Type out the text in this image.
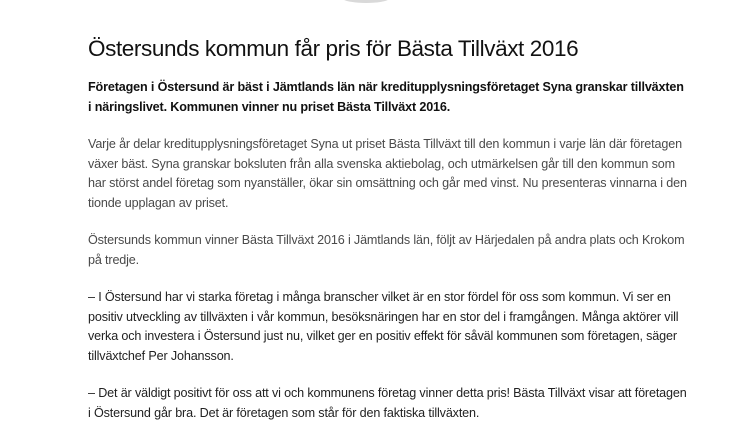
Östersunds kommun får pris för Bästa Tillväxt 2016

Företagen i Östersund är bäst i Jämtlands län när kreditupplysningsföretaget Syna granskar tillväxten i näringslivet. Kommunen vinner nu priset Bästa Tillväxt 2016.

Varje år delar kreditupplysningsföretaget Syna ut priset Bästa Tillväxt till den kommun i varje län där företagen växer bäst. Syna granskar boksluten från alla svenska aktiebolag, och utmärkelsen går till den kommun som har störst andel företag som nyanställer, ökar sin omsättning och går med vinst. Nu presenteras vinnarna i den tionde upplagan av priset.

Östersunds kommun vinner Bästa Tillväxt 2016 i Jämtlands län, följt av Härjedalen på andra plats och Krokom på tredje.

– I Östersund har vi starka företag i många branscher vilket är en stor fördel för oss som kommun. Vi ser en positiv utveckling av tillväxten i vår kommun, besöksnäringen har en stor del i framgången. Många aktörer vill verka och investera i Östersund just nu, vilket ger en positiv effekt för såväl kommunen som företagen, säger tillväxtchef Per Johansson.

– Det är väldigt positivt för oss att vi och kommunens företag vinner detta pris! Bästa Tillväxt visar att företagen i Östersund går bra. Det är företagen som står för den faktiska tillväxten.
